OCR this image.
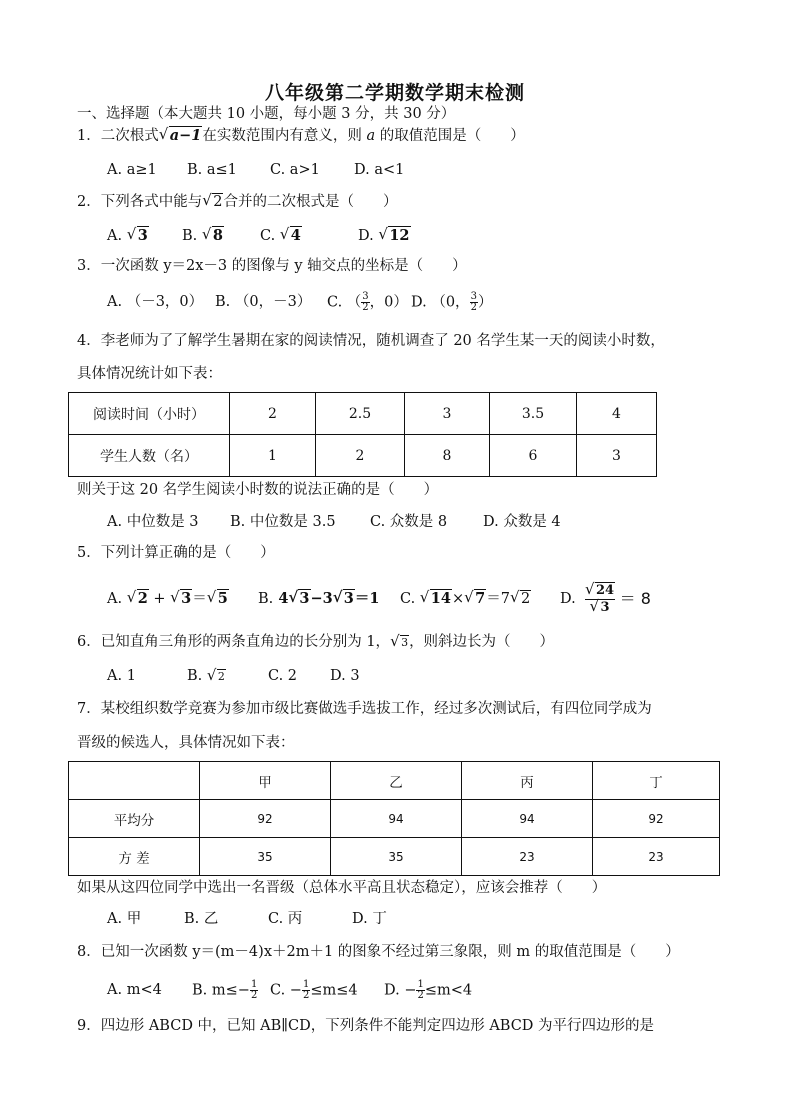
八年级第二学期数学期末检测
一、选择题（本大题共 10 小题，每小题 3 分，共 30 分）
1．二次根式 √ a−1在实数范围内有意义，则 a 的取值范围是（　　）
A. a≥1 B. a≤1 C. a>1 D. a<1
2．下列各式中能与 √ 2合并的二次根式是（　　）
A. √ 3 B. √ 8	C. √ 4	D. √ 12
3．一次函数 y＝2x－3 的图像与 y 轴交点的坐标是（　　）
A. （－3，0） B. （0，－3） C. （ $\frac{3}{2}$ ，0） D. （0， $\frac{3}{2}$ ）
4．李老师为了了解学生暑期在家的阅读情况，随机调查了 20 名学生某一天的阅读小时数，
具体情况统计如下表：
阅读时间（小时）	2	2.5	3	3.5	4
学生人数（名）	1	2	8	6	3
则关于这 20 名学生阅读小时数的说法正确的是（　　）
A. 中位数是 3 B. 中位数是 3.5 C. 众数是 8 D. 众数是 4
5．下列计算正确的是（　　）
A. √ 2 + √ 3＝ √ 5 B. 4 √ 3−3 √ 3＝1 C. √ 14× √ 7＝7 √ 2 D.

√ 24
√ 3
＝ 8
6．已知直角三角形的两条直角边的长分别为 1， √ 3，则斜边长为（　　）
A. 1	B. √ 2	C. 2 D. 3
7．某校组织数学竞赛为参加市级比赛做选手选拔工作，经过多次测试后，有四位同学成为
晋级的候选人，具体情况如下表：
	甲	乙	丙	丁
平均分	92	94	94	92
方 差	35	35	23	23
如果从这四位同学中选出一名晋级（总体水平高且状态稳定），应该会推荐（　　）
A. 甲	B. 乙	C. 丙	D. 丁
8．已知一次函数 y＝(m－4)x＋2m＋1 的图象不经过第三象限，则 m 的取值范围是（　　）
A. m<4 B. $m\le- \frac{1}{2} C$. − $\frac{1}{2} \le m\le 4$ D. − $\frac{1}{2} \le m<4$
9．四边形 ABCD 中，已知 AB∥CD，下列条件不能判定四边形 ABCD 为平行四边形的是
